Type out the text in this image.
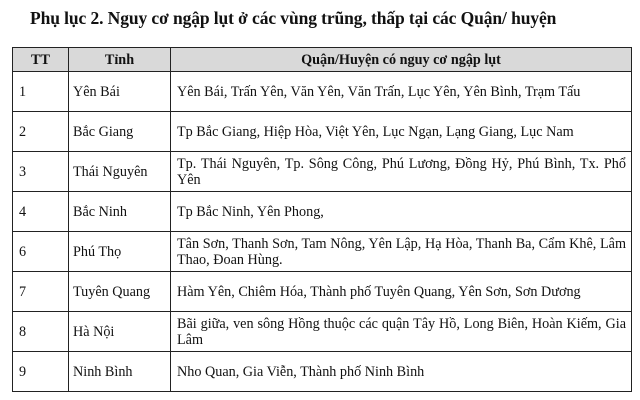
Phụ lục 2. Nguy cơ ngập lụt ở các vùng trũng, thấp tại các Quận/ huyện
TT	Tỉnh	Quận/Huyện có nguy cơ ngập lụt
1	Yên Bái	Yên Bái, Trấn Yên, Văn Yên, Văn Trấn, Lục Yên, Yên Bình, Trạm Tấu
2	Bắc Giang	Tp Bắc Giang, Hiệp Hòa, Việt Yên, Lục Ngạn, Lạng Giang, Lục Nam
3	Thái Nguyên	Tp. Thái Nguyên, Tp. Sông Công, Phú Lương, Đồng Hỷ, Phú Bình, Tx. Phổ Yên
4	Bắc Ninh	Tp Bắc Ninh, Yên Phong,
6	Phú Thọ	Tân Sơn, Thanh Sơn, Tam Nông, Yên Lập, Hạ Hòa, Thanh Ba, Cẩm Khê, Lâm Thao, Đoan Hùng.
7	Tuyên Quang	Hàm Yên, Chiêm Hóa, Thành phố Tuyên Quang, Yên Sơn, Sơn Dương
8	Hà Nội	Bãi giữa, ven sông Hồng thuộc các quận Tây Hồ, Long Biên, Hoàn Kiếm, Gia Lâm
9	Ninh Bình	Nho Quan, Gia Viễn, Thành phố Ninh Bình
